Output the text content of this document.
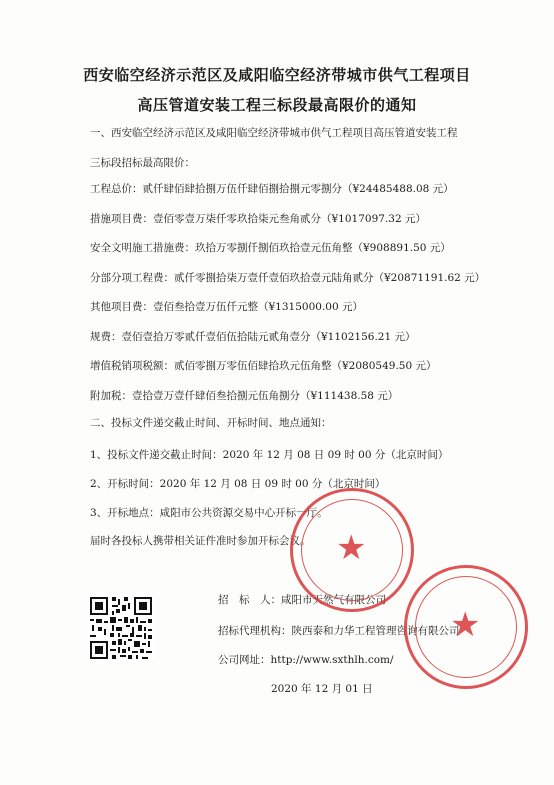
西安临空经济示范区及咸阳临空经济带城市供气工程项目
高压管道安装工程三标段最高限价的通知
一、西安临空经济示范区及咸阳临空经济带城市供气工程项目高压管道安装工程
三标段招标最高限价：
工程总价：贰仟肆佰肆拾捌万伍仟肆佰捌拾捌元零捌分（¥24485488.08 元）
措施项目费：壹佰零壹万柒仟零玖拾柒元叁角贰分（¥1017097.32 元）
安全文明施工措施费：玖拾万零捌仟捌佰玖拾壹元伍角整（¥908891.50 元）
分部分项工程费：贰仟零捌拾柒万壹仟壹佰玖拾壹元陆角贰分（¥20871191.62 元）
其他项目费：壹佰叁拾壹万伍仟元整（¥1315000.00 元）
规费：壹佰壹拾万零贰仟壹佰伍拾陆元贰角壹分（¥1102156.21 元）
增值税销项税额：贰佰零捌万零伍佰肆拾玖元伍角整（¥2080549.50 元）
附加税：壹拾壹万壹仟肆佰叁拾捌元伍角捌分（¥111438.58 元）
二、投标文件递交截止时间、开标时间、地点通知：
1、投标文件递交截止时间：2020 年 12 月 08 日 09 时 00 分（北京时间）
2、开标时间：2020 年 12 月 08 日 09 时 00 分（北京时间）
3、开标地点：咸阳市公共资源交易中心开标一厅。
届时各投标人携带相关证件准时参加开标会议。
招　标　人：咸阳市天然气有限公司
招标代理机构：陕西泰和力华工程管理咨询有限公司
公司网址：http://www.sxthlh.com/
2020 年 12 月 01 日
★
★
